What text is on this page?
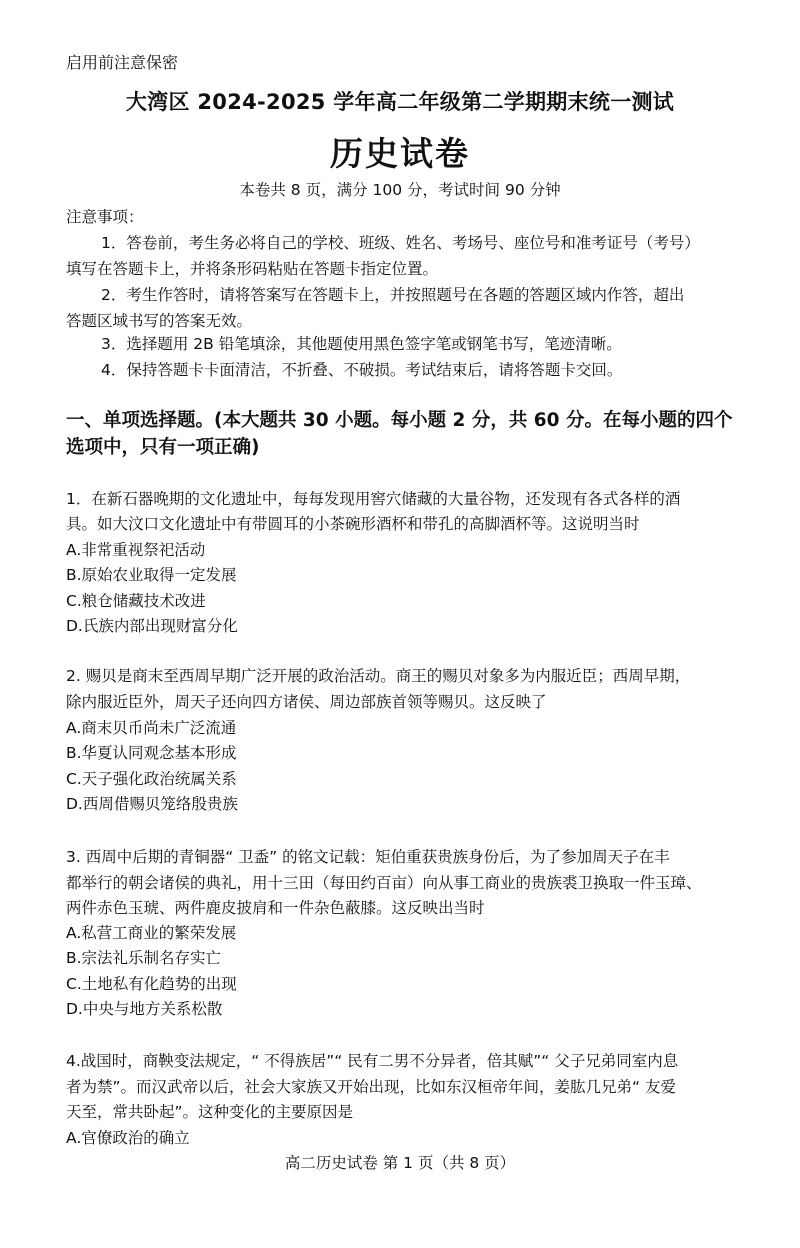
启用前注意保密
大湾区 2024-2025 学年高二年级第二学期期末统一测试
历史试卷
本卷共 8 页，满分 100 分，考试时间 90 分钟
注意事项：
1．答卷前，考生务必将自己的学校、班级、姓名、考场号、座位号和准考证号（考号）
填写在答题卡上，并将条形码粘贴在答题卡指定位置。
2．考生作答时，请将答案写在答题卡上，并按照题号在各题的答题区域内作答，超出
答题区域书写的答案无效。
3．选择题用 2B 铅笔填涂，其他题使用黑色签字笔或钢笔书写，笔迹清晰。
4．保持答题卡卡面清洁，不折叠、不破损。考试结束后，请将答题卡交回。
一、单项选择题。(本大题共 30 小题。每小题 2 分，共 60 分。在每小题的四个
选项中，只有一项正确)
1．在新石器晚期的文化遗址中，每每发现用窖穴储藏的大量谷物，还发现有各式各样的酒
具。如大汶口文化遗址中有带圆耳的小茶碗形酒杯和带孔的高脚酒杯等。这说明当时
A.非常重视祭祀活动
B.原始农业取得一定发展
C.粮仓储藏技术改进
D.氏族内部出现财富分化
2. 赐贝是商末至西周早期广泛开展的政治活动。商王的赐贝对象多为内服近臣；西周早期，
除内服近臣外，周天子还向四方诸侯、周边部族首领等赐贝。这反映了
A.商末贝币尚未广泛流通
B.华夏认同观念基本形成
C.天子强化政治统属关系
D.西周借赐贝笼络殷贵族
3. 西周中后期的青铜器“ 卫盉” 的铭文记载：矩伯重获贵族身份后，为了参加周天子在丰
都举行的朝会诸侯的典礼，用十三田（每田约百亩）向从事工商业的贵族裘卫换取一件玉璋、
两件赤色玉琥、两件鹿皮披肩和一件杂色蔽膝。这反映出当时
A.私营工商业的繁荣发展
B.宗法礼乐制名存实亡
C.土地私有化趋势的出现
D.中央与地方关系松散
4.战国时，商鞅变法规定，“ 不得族居”“ 民有二男不分异者，倍其赋”“ 父子兄弟同室内息
者为禁”。而汉武帝以后，社会大家族又开始出现，比如东汉桓帝年间，姜肱几兄弟“ 友爱
天至，常共卧起”。这种变化的主要原因是
A.官僚政治的确立
高二历史试卷 第 1 页（共 8 页）
